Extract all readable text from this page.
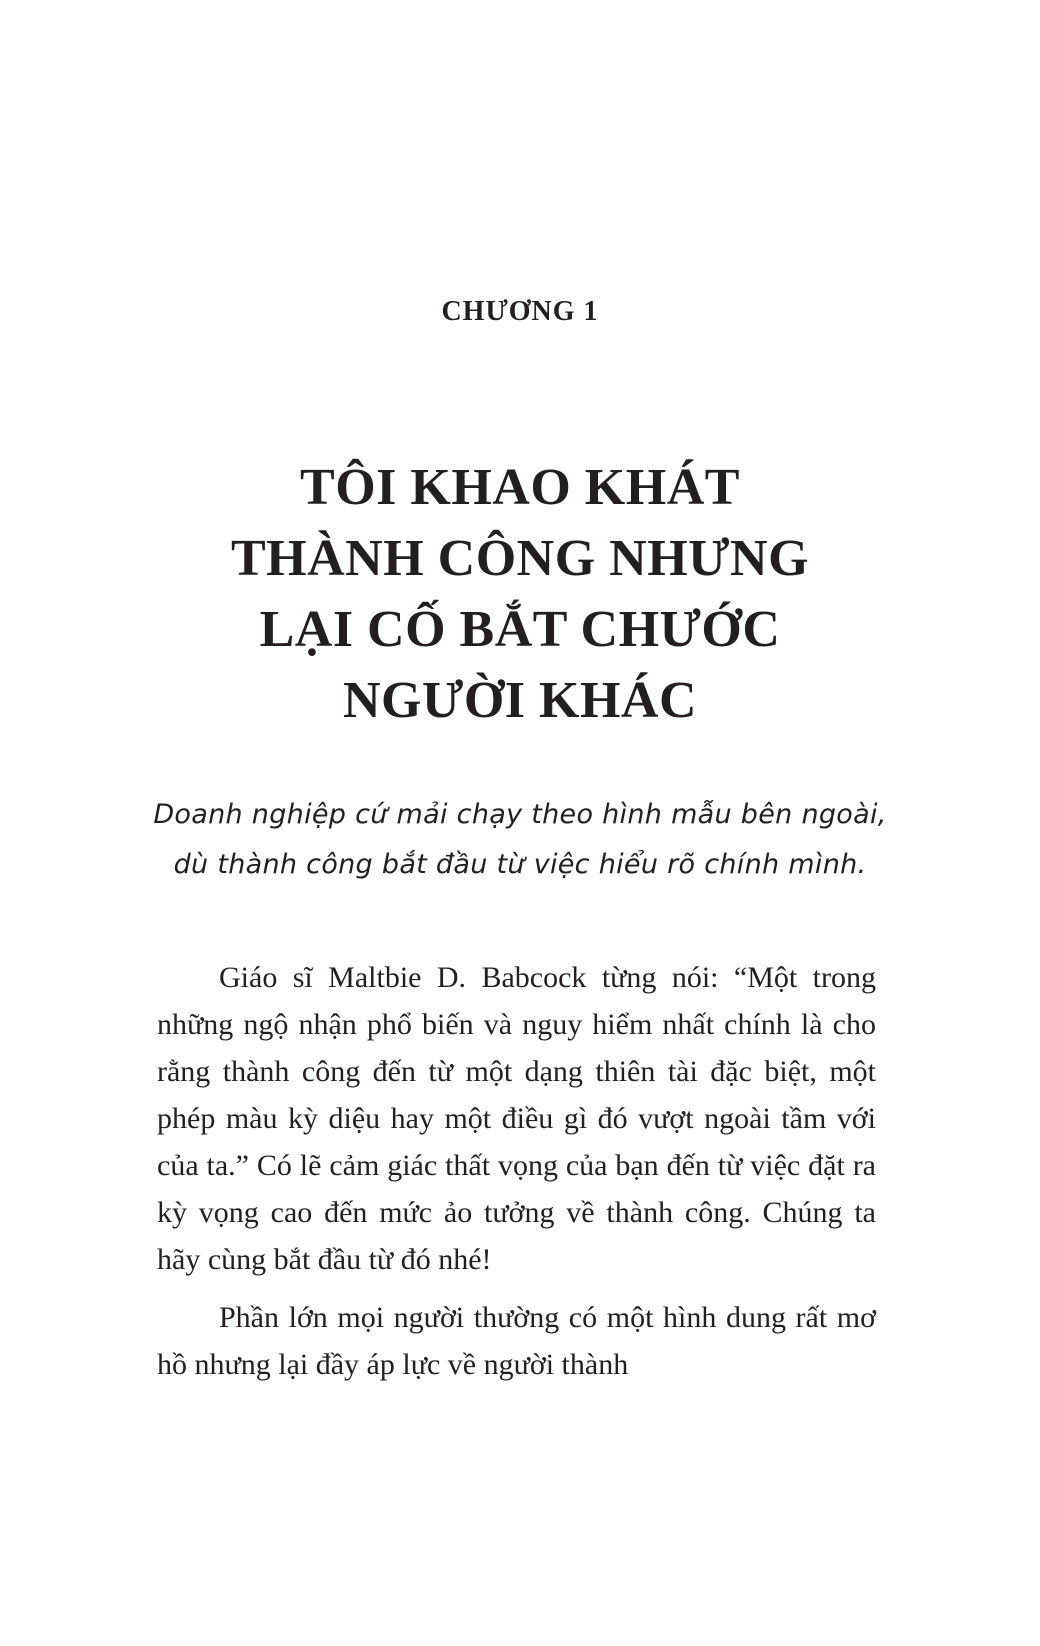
CHƯƠNG 1
TÔI KHAO KHÁT
THÀNH CÔNG NHƯNG
LẠI CỐ BẮT CHƯỚC
NGƯỜI KHÁC
Doanh nghiệp cứ mải chạy theo hình mẫu bên ngoài,
dù thành công bắt đầu từ việc hiểu rõ chính mình.

Giáo sĩ Maltbie D. Babcock từng nói: “Một trong những ngộ nhận phổ biến và nguy hiểm nhất chính là cho rằng thành công đến từ một dạng thiên tài đặc biệt, một phép màu kỳ diệu hay một điều gì đó vượt ngoài tầm với của ta.” Có lẽ cảm giác thất vọng của bạn đến từ việc đặt ra kỳ vọng cao đến mức ảo tưởng về thành công. Chúng ta hãy cùng bắt đầu từ đó nhé!

Phần lớn mọi người thường có một hình dung rất mơ hồ nhưng lại đầy áp lực về người thành
